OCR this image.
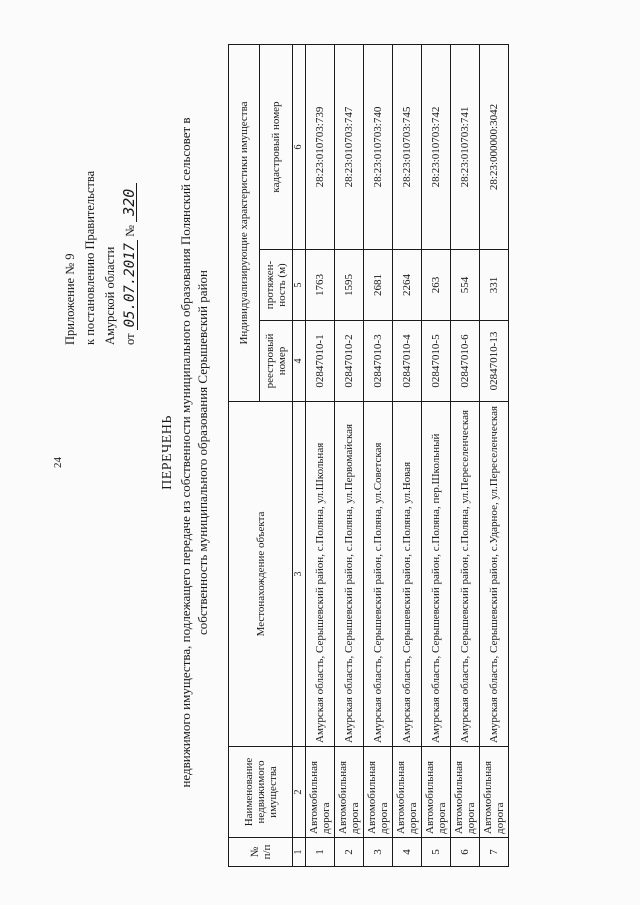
24
Приложение № 9 к постановлению Правительства Амурской области от 05.07.2017 № 320
ПЕРЕЧЕНЬ недвижимого имущества, подлежащего передаче из собственности муниципального образования Полянский сельсовет в собственность муниципального образования Серышевский район
№ п/п	Наименование недвижимого имущества	Местонахождение объекта	Индивидуализирующие характеристики имущества		
			реестровый номер	протяжен-ность (м)	кадастровый номер
1	2	3	4	5	6
1	Автомобильная дорога	Амурская область, Серышевский район, с.Поляна, ул.Школьная	02847010-1	1763	28:23:010703:739
2	Автомобильная дорога	Амурская область, Серышевский район, с.Поляна, ул.Первомайская	02847010-2	1595	28:23:010703:747
3	Автомобильная дорога	Амурская область, Серышевский район, с.Поляна, ул.Советская	02847010-3	2681	28:23:010703:740
4	Автомобильная дорога	Амурская область, Серышевский район, с.Поляна, ул.Новая	02847010-4	2264	28:23:010703:745
5	Автомобильная дорога	Амурская область, Серышевский район, с.Поляна, пер.Школьный	02847010-5	263	28:23:010703:742
6	Автомобильная дорога	Амурская область, Серышевский район, с.Поляна, ул.Переселенческая	02847010-6	554	28:23:010703:741
7	Автомобильная дорога	Амурская область, Серышевский район, с.Ударное, ул.Переселенческая	02847010-13	331	28:23:000000:3042
